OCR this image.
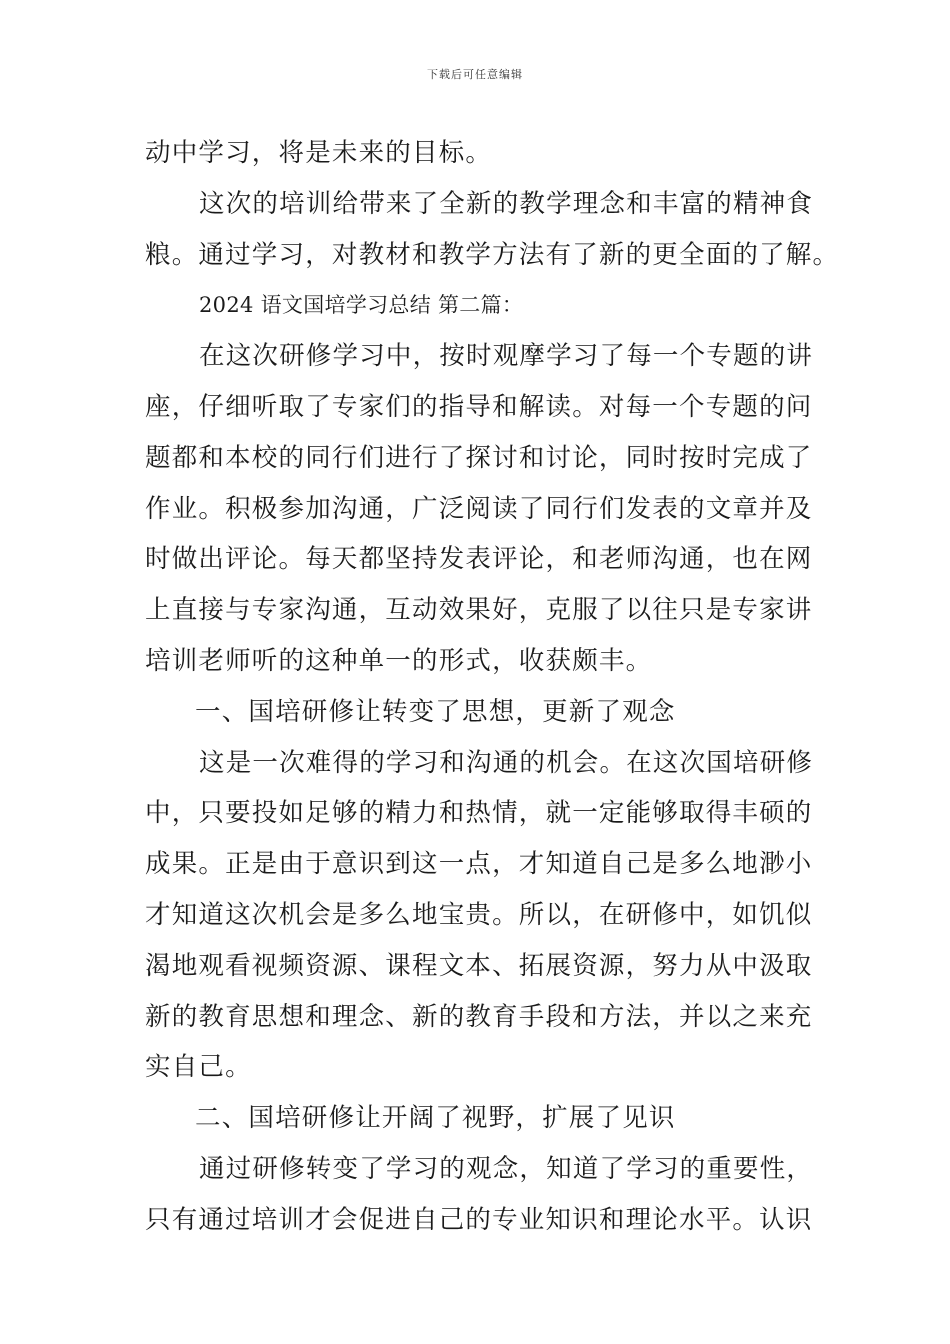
下载后可任意编辑
动中学习，将是未来的目标。
这次的培训给带来了全新的教学理念和丰富的精神食
粮。通过学习，对教材和教学方法有了新的更全面的了解。
2024 语文国培学习总结 第二篇：
在这次研修学习中，按时观摩学习了每一个专题的讲
座，仔细听取了专家们的指导和解读。对每一个专题的问
题都和本校的同行们进行了探讨和讨论，同时按时完成了
作业。积极参加沟通，广泛阅读了同行们发表的文章并及
时做出评论。每天都坚持发表评论，和老师沟通，也在网
上直接与专家沟通，互动效果好，克服了以往只是专家讲
培训老师听的这种单一的形式，收获颇丰。
一、国培研修让转变了思想，更新了观念
这是一次难得的学习和沟通的机会。在这次国培研修
中，只要投如足够的精力和热情，就一定能够取得丰硕的
成果。正是由于意识到这一点，才知道自己是多么地渺小
才知道这次机会是多么地宝贵。所以，在研修中，如饥似
渴地观看视频资源、课程文本、拓展资源，努力从中汲取
新的教育思想和理念、新的教育手段和方法，并以之来充
实自己。
二、国培研修让开阔了视野，扩展了见识
通过研修转变了学习的观念，知道了学习的重要性，
只有通过培训才会促进自己的专业知识和理论水平。认识
